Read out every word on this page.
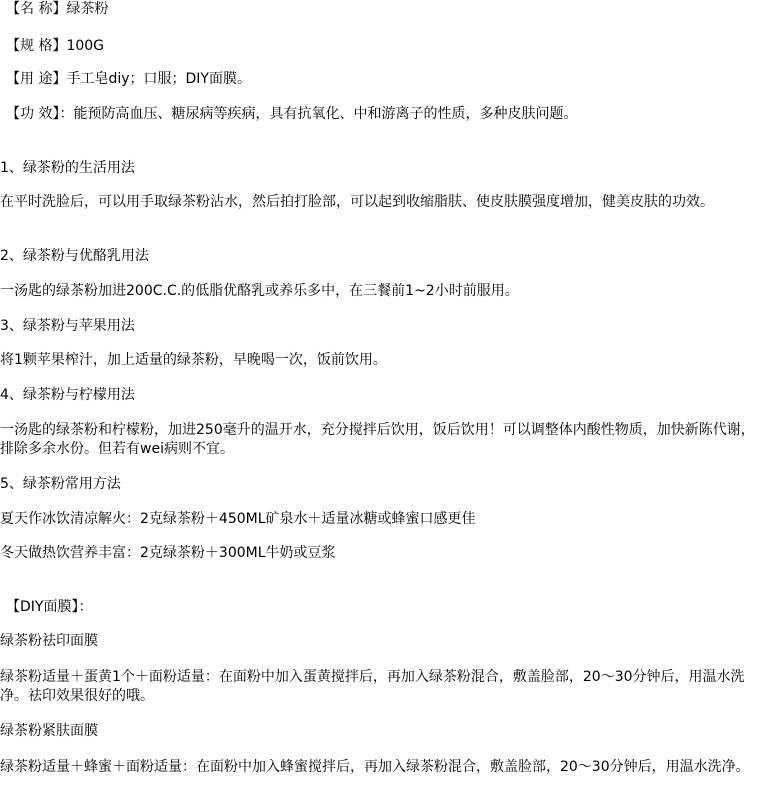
【名 称】绿茶粉
【规 格】100G
【用 途】手工皂diy；口服；DIY面膜。
【功 效】：能预防高血压、糖尿病等疾病，具有抗氧化、中和游离子的性质，多种皮肤问题。
1、绿茶粉的生活用法
在平时洗脸后，可以用手取绿茶粉沾水，然后拍打脸部，可以起到收缩脂肤、使皮肤膜强度增加，健美皮肤的功效。
2、绿茶粉与优酪乳用法
一汤匙的绿茶粉加进200C.C.的低脂优酪乳或养乐多中，在三餐前1~2小时前服用。
3、绿茶粉与苹果用法
将1颗苹果榨汁，加上适量的绿茶粉，早晚喝一次，饭前饮用。
4、绿茶粉与柠檬用法
一汤匙的绿茶粉和柠檬粉，加进250毫升的温开水，充分搅拌后饮用，饭后饮用！可以调整体内酸性物质，加快新陈代谢，排除多余水份。但若有wei病则不宜。
5、绿茶粉常用方法
夏天作冰饮清凉解火：2克绿茶粉＋450ML矿泉水＋适量冰糖或蜂蜜口感更佳
冬天做热饮营养丰富：2克绿茶粉＋300ML牛奶或豆浆
【DIY面膜】：
绿茶粉祛印面膜
绿茶粉适量＋蛋黄1个＋面粉适量：在面粉中加入蛋黄搅拌后，再加入绿茶粉混合，敷盖脸部，20～30分钟后，用温水洗净。祛印效果很好的哦。
绿茶粉紧肤面膜
绿茶粉适量＋蜂蜜＋面粉适量：在面粉中加入蜂蜜搅拌后，再加入绿茶粉混合，敷盖脸部，20～30分钟后，用温水洗净。
